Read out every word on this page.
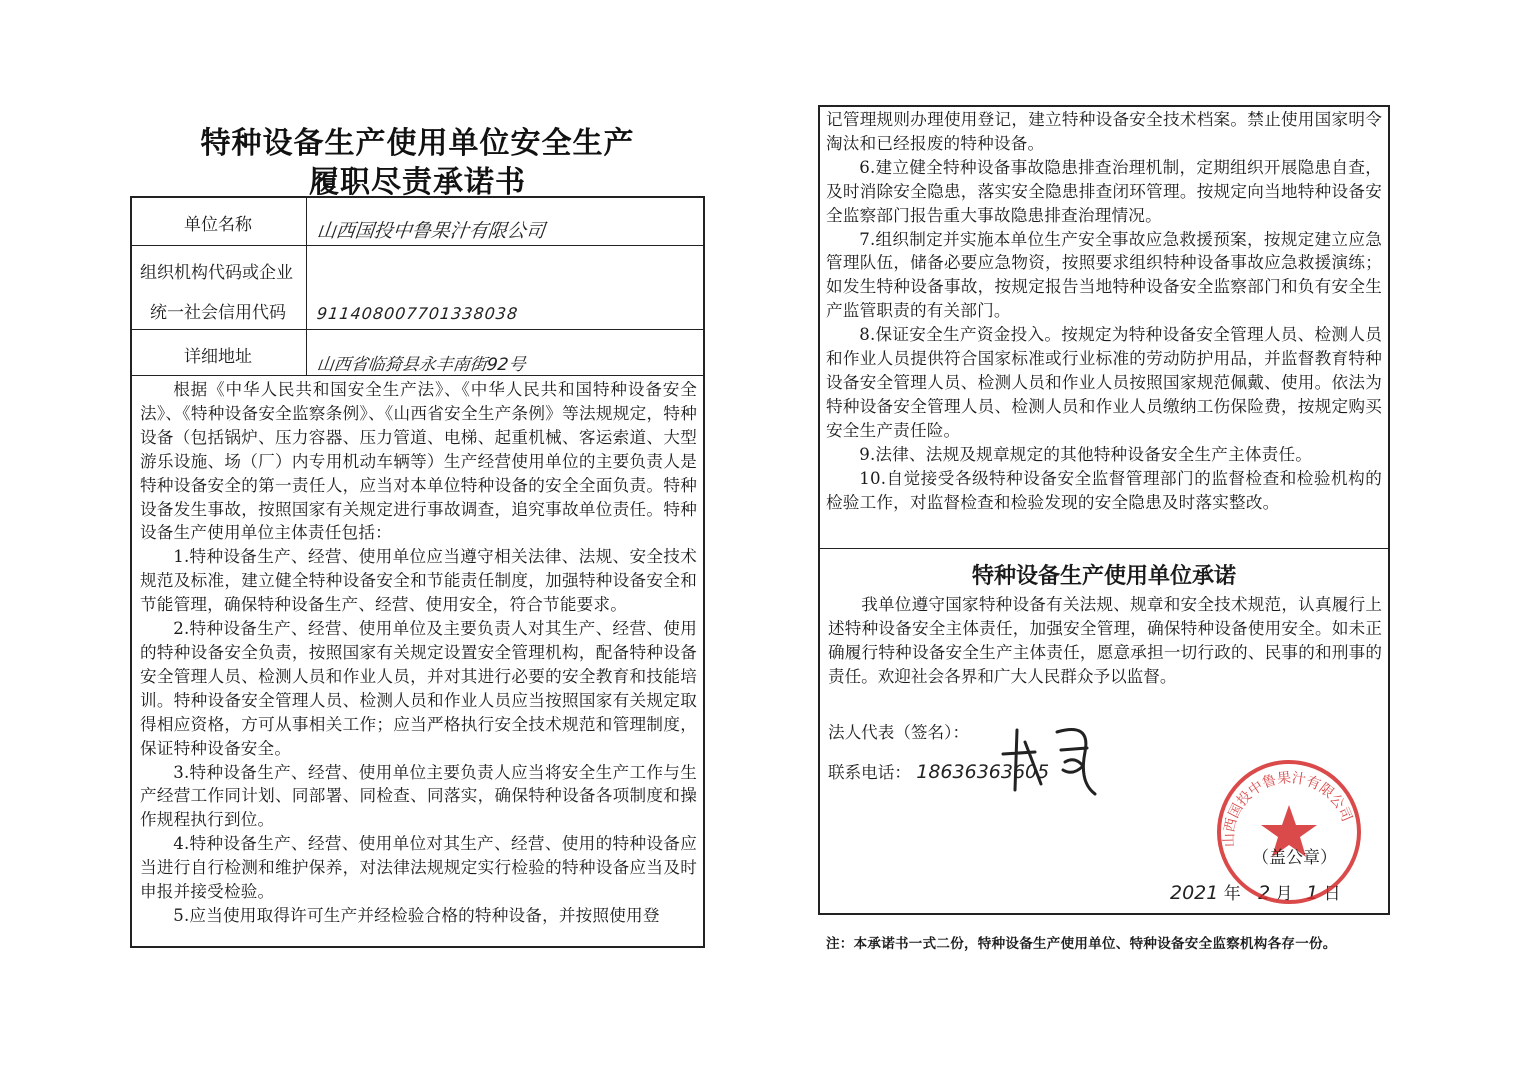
特种设备生产使用单位安全生产
履职尽责承诺书
单位名称	山西国投中鲁果汁有限公司
组织机构代码或企业
统一社会信用代码 911408007701338038
详细地址	山西省临猗县永丰南街92号

根据《中华人民共和国安全生产法》、《中华人民共和国特种设备安全法》、《特种设备安全监察条例》、《山西省安全生产条例》等法规规定，特种设备（包括锅炉、压力容器、压力管道、电梯、起重机械、客运索道、大型游乐设施、场（厂）内专用机动车辆等）生产经营使用单位的主要负责人是特种设备安全的第一责任人，应当对本单位特种设备的安全全面负责。特种设备发生事故，按照国家有关规定进行事故调查，追究事故单位责任。特种设备生产使用单位主体责任包括：

1.特种设备生产、经营、使用单位应当遵守相关法律、法规、安全技术规范及标准，建立健全特种设备安全和节能责任制度，加强特种设备安全和节能管理，确保特种设备生产、经营、使用安全，符合节能要求。

2.特种设备生产、经营、使用单位及主要负责人对其生产、经营、使用的特种设备安全负责，按照国家有关规定设置安全管理机构，配备特种设备安全管理人员、检测人员和作业人员，并对其进行必要的安全教育和技能培训。特种设备安全管理人员、检测人员和作业人员应当按照国家有关规定取得相应资格，方可从事相关工作；应当严格执行安全技术规范和管理制度，保证特种设备安全。

3.特种设备生产、经营、使用单位主要负责人应当将安全生产工作与生产经营工作同计划、同部署、同检查、同落实，确保特种设备各项制度和操作规程执行到位。

4.特种设备生产、经营、使用单位对其生产、经营、使用的特种设备应当进行自行检测和维护保养，对法律法规规定实行检验的特种设备应当及时申报并接受检验。

5.应当使用取得许可生产并经检验合格的特种设备，并按照使用登

记管理规则办理使用登记，建立特种设备安全技术档案。禁止使用国家明令淘汰和已经报废的特种设备。

6.建立健全特种设备事故隐患排查治理机制，定期组织开展隐患自查，及时消除安全隐患，落实安全隐患排查闭环管理。按规定向当地特种设备安全监察部门报告重大事故隐患排查治理情况。

7.组织制定并实施本单位生产安全事故应急救援预案，按规定建立应急管理队伍，储备必要应急物资，按照要求组织特种设备事故应急救援演练；如发生特种设备事故，按规定报告当地特种设备安全监察部门和负有安全生产监管职责的有关部门。

8.保证安全生产资金投入。按规定为特种设备安全管理人员、检测人员和作业人员提供符合国家标准或行业标准的劳动防护用品，并监督教育特种设备安全管理人员、检测人员和作业人员按照国家规范佩戴、使用。依法为特种设备安全管理人员、检测人员和作业人员缴纳工伤保险费，按规定购买安全生产责任险。

9.法律、法规及规章规定的其他特种设备安全生产主体责任。

10.自觉接受各级特种设备安全监督管理部门的监督检查和检验机构的检验工作，对监督检查和检验发现的安全隐患及时落实整改。

特种设备生产使用单位承诺

我单位遵守国家特种设备有关法规、规章和安全技术规范，认真履行上述特种设备安全主体责任，加强安全管理，确保特种设备使用安全。如未正确履行特种设备安全生产主体责任，愿意承担一切行政的、民事的和刑事的责任。欢迎社会各界和广大人民群众予以监督。

法人代表（签名）：
联系电话： 18636363605
2021 年 2 月 1 日
山西国投中鲁果汁有限公司
（盖公章）
注：本承诺书一式二份，特种设备生产使用单位、特种设备安全监察机构各存一份。
